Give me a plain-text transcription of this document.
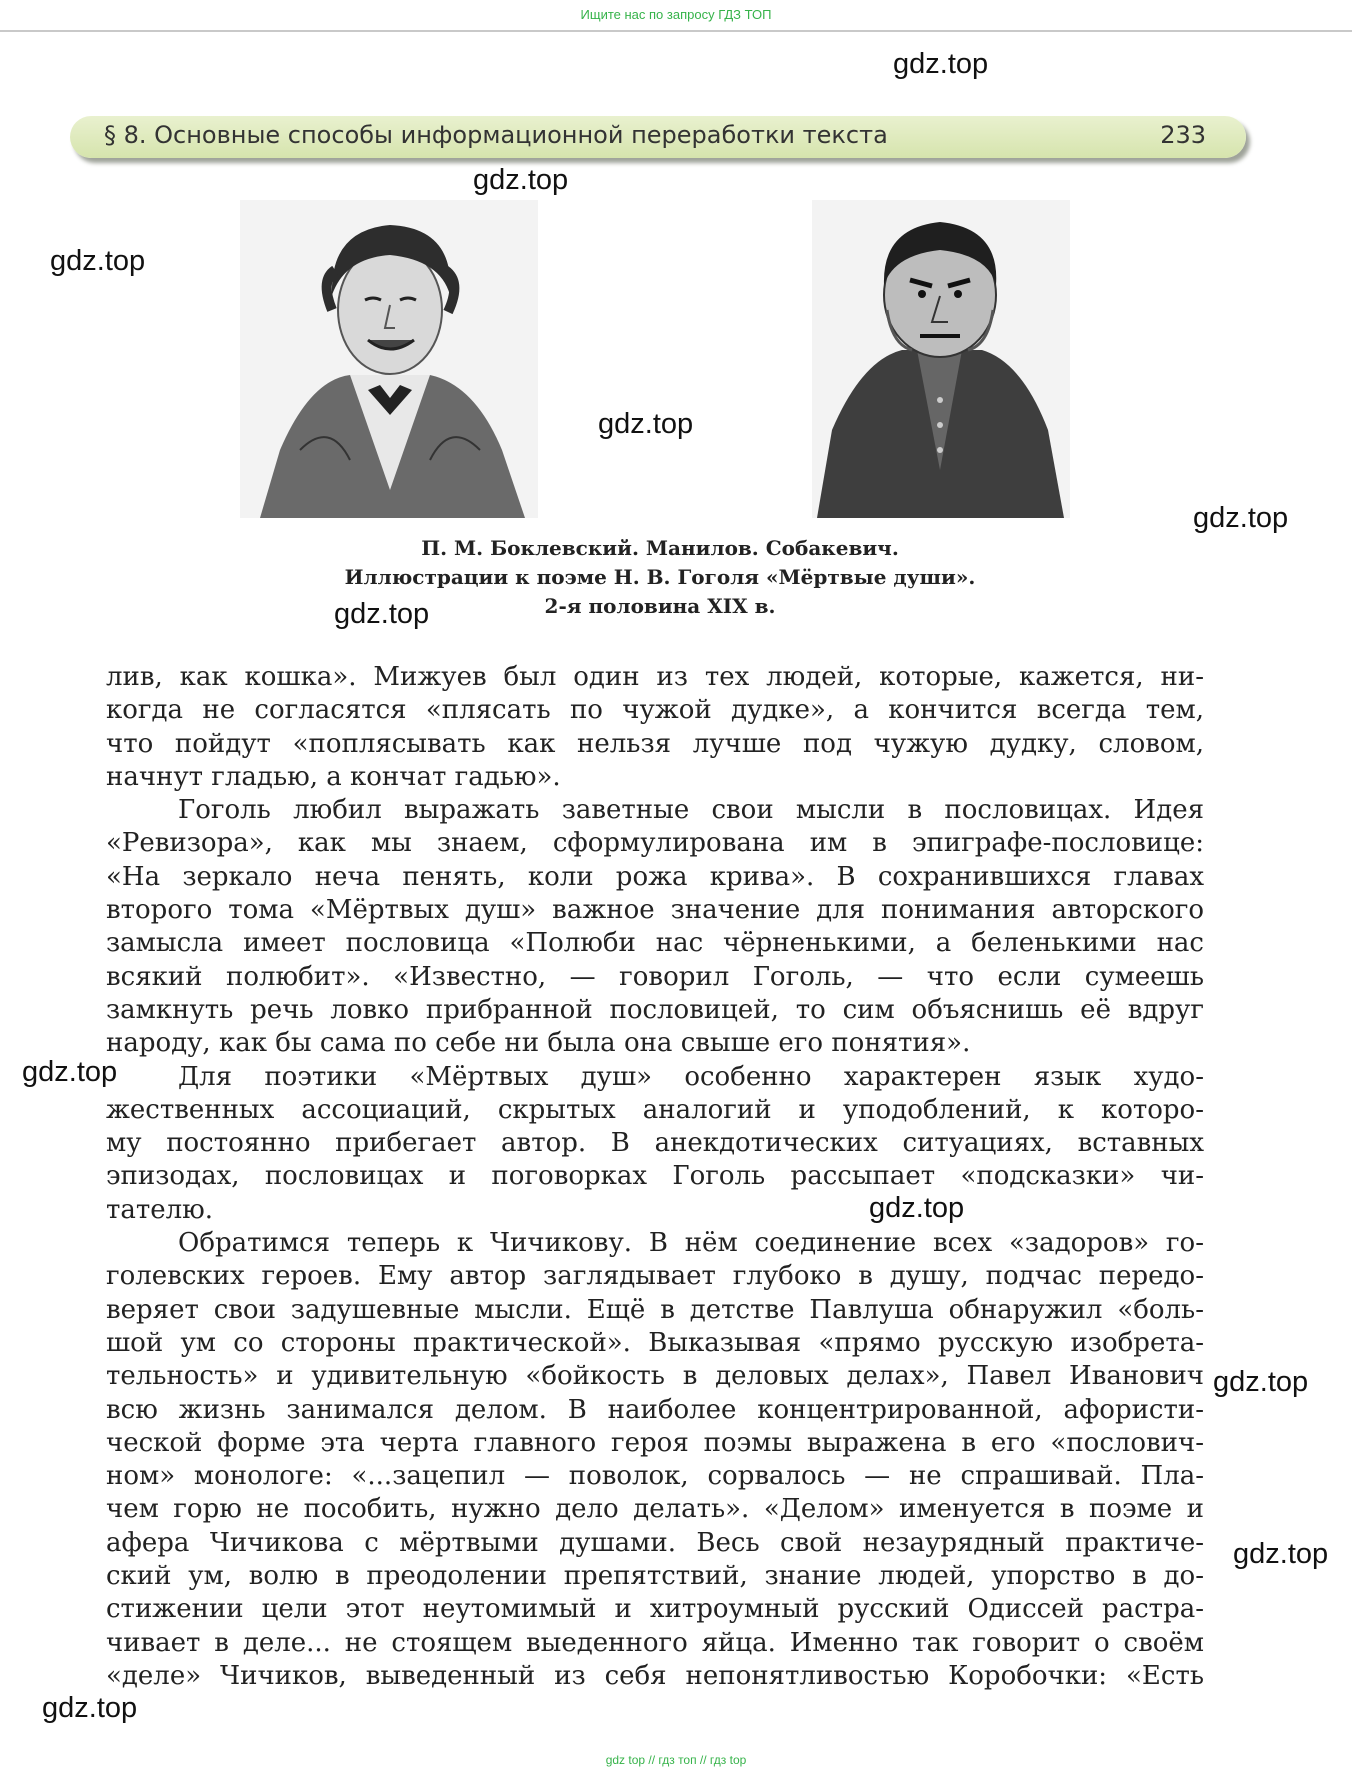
Ищите нас по запросу ГДЗ ТОП
§ 8. Основные способы информационной переработки текста	233
П. М. Боклевский. Манилов. Собакевич.
Иллюстрации к поэме Н. В. Гоголя «Мёртвые души».
2-я половина XIX в.
лив, как кошка». Мижуев был один из тех людей, которые, кажется, ни-
когда не согласятся «плясать по чужой дудке», а кончится всегда тем,
что пойдут «поплясывать как нельзя лучше под чужую дудку, словом,
начнут гладью, а кончат гадью».
Гоголь любил выражать заветные свои мысли в пословицах. Идея
«Ревизора», как мы знаем, сформулирована им в эпиграфе-пословице:
«На зеркало неча пенять, коли рожа крива». В сохранившихся главах
второго тома «Мёртвых душ» важное значение для понимания авторского
замысла имеет пословица «Полюби нас чёрненькими, а беленькими нас
всякий полюбит». «Известно, — говорил Гоголь, — что если сумеешь
замкнуть речь ловко прибранной пословицей, то сим объяснишь её вдруг
народу, как бы сама по себе ни была она свыше его понятия».
Для поэтики «Мёртвых душ» особенно характерен язык худо-
жественных ассоциаций, скрытых аналогий и уподоблений, к которо-
му постоянно прибегает автор. В анекдотических ситуациях, вставных
эпизодах, пословицах и поговорках Гоголь рассыпает «подсказки» чи-
тателю.
Обратимся теперь к Чичикову. В нём соединение всех «задоров» го-
голевских героев. Ему автор заглядывает глубоко в душу, подчас передо-
веряет свои задушевные мысли. Ещё в детстве Павлуша обнаружил «боль-
шой ум со стороны практической». Выказывая «прямо русскую изобрета-
тельность» и удивительную «бойкость в деловых делах», Павел Иванович
всю жизнь занимался делом. В наиболее концентрированной, афористи-
ческой форме эта черта главного героя поэмы выражена в его «послович-
ном» монологе: «...зацепил — поволок, сорвалось — не спрашивай. Пла-
чем горю не пособить, нужно дело делать». «Делом» именуется в поэме и
афера Чичикова с мёртвыми душами. Весь свой незаурядный практиче-
ский ум, волю в преодолении препятствий, знание людей, упорство в до-
стижении цели этот неутомимый и хитроумный русский Одиссей растра-
чивает в деле... не стоящем выеденного яйца. Именно так говорит о своём
«деле» Чичиков, выведенный из себя непонятливостью Коробочки: «Есть
gdz.top
gdz.top
gdz.top
gdz.top
gdz.top
gdz.top
gdz.top
gdz.top
gdz.top
gdz.top
gdz.top
gdz top // гдз топ // гдз top
